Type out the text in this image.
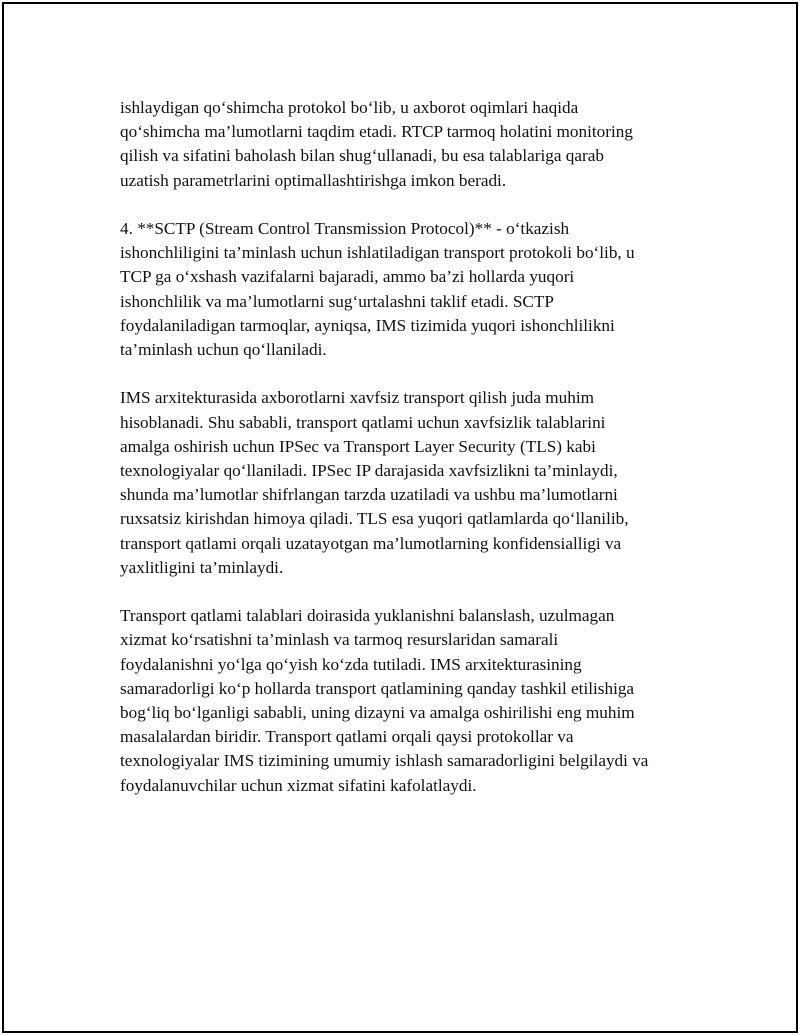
ishlaydigan qo‘shimcha protokol bo‘lib, u axborot oqimlari haqida
qo‘shimcha ma’lumotlarni taqdim etadi. RTCP tarmoq holatini monitoring
qilish va sifatini baholash bilan shug‘ullanadi, bu esa talablariga qarab
uzatish parametrlarini optimallashtirishga imkon beradi.

4. **SCTP (Stream Control Transmission Protocol)** - o‘tkazish
ishonchliligini ta’minlash uchun ishlatiladigan transport protokoli bo‘lib, u
TCP ga o‘xshash vazifalarni bajaradi, ammo ba’zi hollarda yuqori
ishonchlilik va ma’lumotlarni sug‘urtalashni taklif etadi. SCTP
foydalaniladigan tarmoqlar, ayniqsa, IMS tizimida yuqori ishonchlilikni
ta’minlash uchun qo‘llaniladi.

IMS arxitekturasida axborotlarni xavfsiz transport qilish juda muhim
hisoblanadi. Shu sababli, transport qatlami uchun xavfsizlik talablarini
amalga oshirish uchun IPSec va Transport Layer Security (TLS) kabi
texnologiyalar qo‘llaniladi. IPSec IP darajasida xavfsizlikni ta’minlaydi,
shunda ma’lumotlar shifrlangan tarzda uzatiladi va ushbu ma’lumotlarni
ruxsatsiz kirishdan himoya qiladi. TLS esa yuqori qatlamlarda qo‘llanilib,
transport qatlami orqali uzatayotgan ma’lumotlarning konfidensialligi va
yaxlitligini ta’minlaydi.

Transport qatlami talablari doirasida yuklanishni balanslash, uzulmagan
xizmat ko‘rsatishni ta’minlash va tarmoq resurslaridan samarali
foydalanishni yo‘lga qo‘yish ko‘zda tutiladi. IMS arxitekturasining
samaradorligi ko‘p hollarda transport qatlamining qanday tashkil etilishiga
bog‘liq bo‘lganligi sababli, uning dizayni va amalga oshirilishi eng muhim
masalalardan biridir. Transport qatlami orqali qaysi protokollar va
texnologiyalar IMS tizimining umumiy ishlash samaradorligini belgilaydi va
foydalanuvchilar uchun xizmat sifatini kafolatlaydi.
